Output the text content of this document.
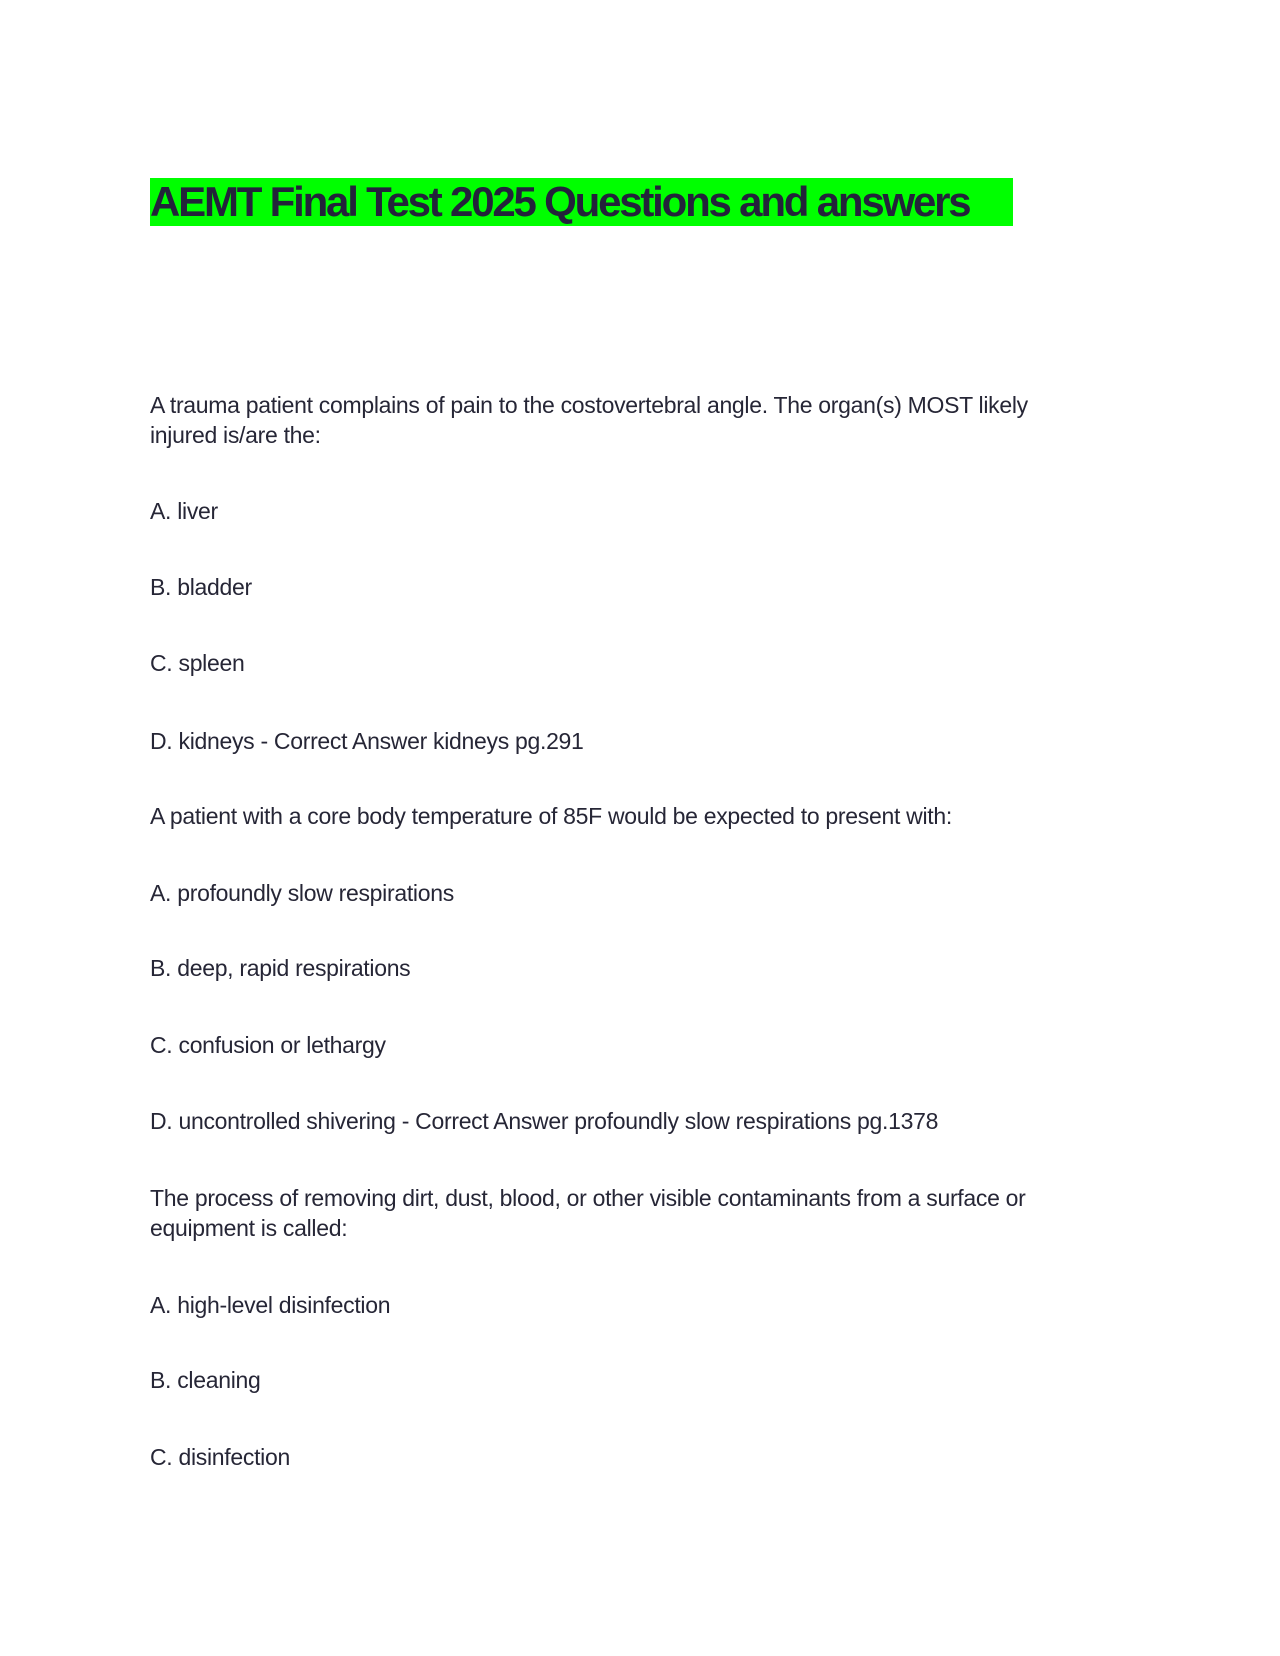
AEMT Final Test 2025 Questions and answers
A trauma patient complains of pain to the costovertebral angle. The organ(s) MOST likely
injured is/are the:
A. liver
B. bladder
C. spleen
D. kidneys - Correct Answer kidneys pg.291
A patient with a core body temperature of 85F would be expected to present with:
A. profoundly slow respirations
B. deep, rapid respirations
C. confusion or lethargy
D. uncontrolled shivering - Correct Answer profoundly slow respirations pg.1378
The process of removing dirt, dust, blood, or other visible contaminants from a surface or
equipment is called:
A. high-level disinfection
B. cleaning
C. disinfection
